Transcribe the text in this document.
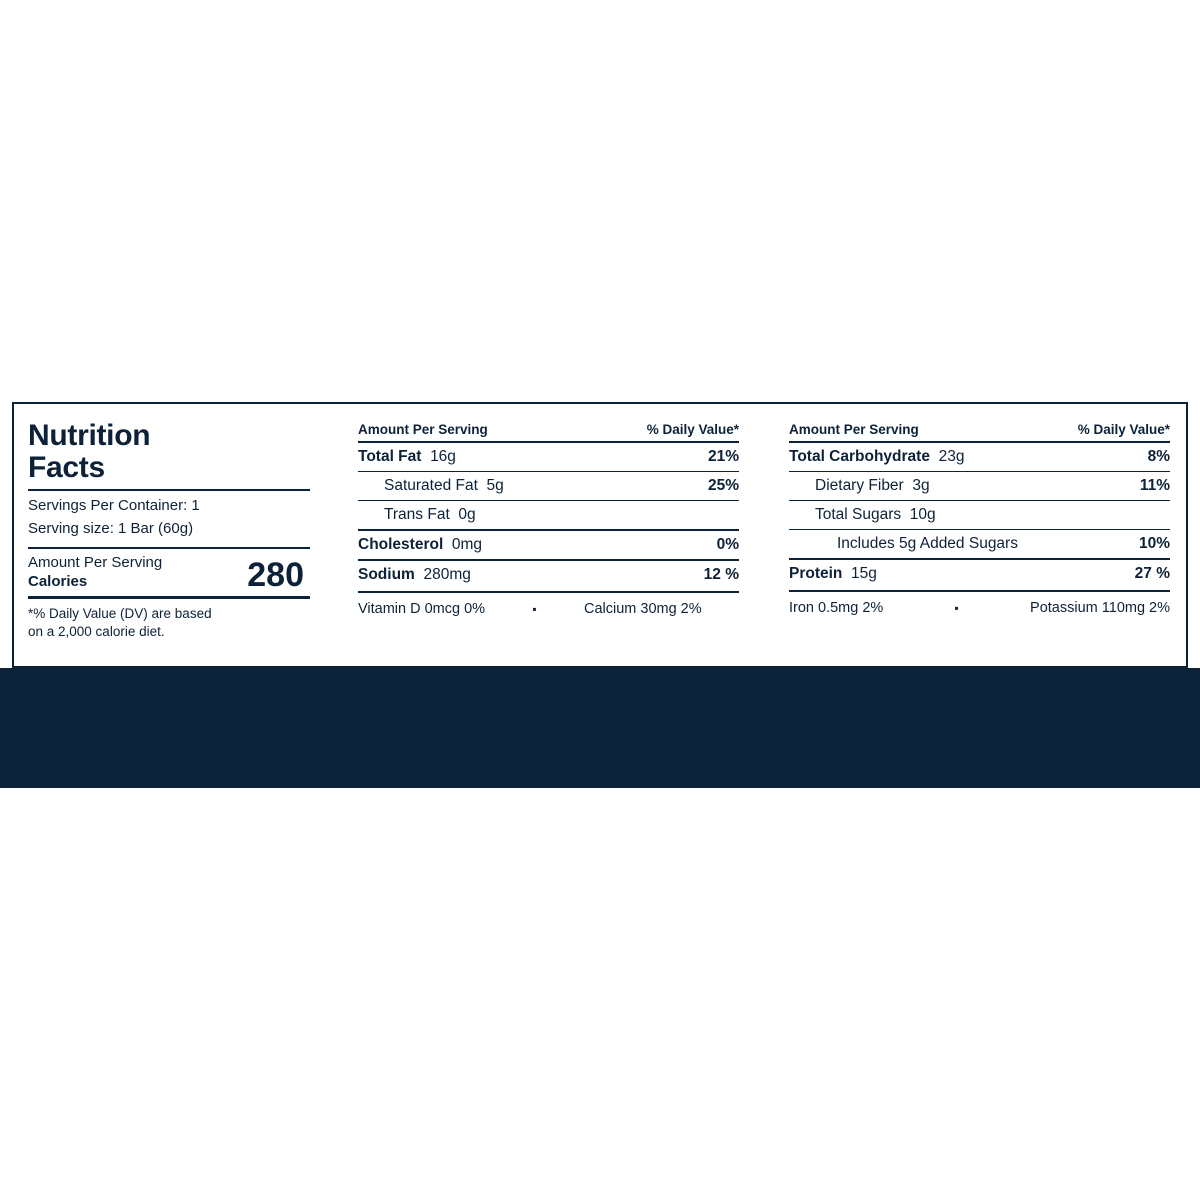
Nutrition
Facts
Servings Per Container: 1
Serving size: 1 Bar (60g)
Amount Per Serving
Calories	280
*% Daily Value (DV) are based
on a 2,000 calorie diet.
Amount Per Serving	% Daily Value*
Total Fat 16g	21%
Saturated Fat 5g	25%
Trans Fat 0g
Cholesterol 0mg	0%
Sodium 280mg	12 %
Vitamin D 0mcg 0%	▪	Calcium 30mg 2%
Amount Per Serving	% Daily Value*
Total Carbohydrate 23g	8%
Dietary Fiber 3g	11%
Total Sugars 10g
Includes 5g Added Sugars	10%
Protein 15g	27 %
Iron 0.5mg 2%	▪	Potassium 110mg 2%
